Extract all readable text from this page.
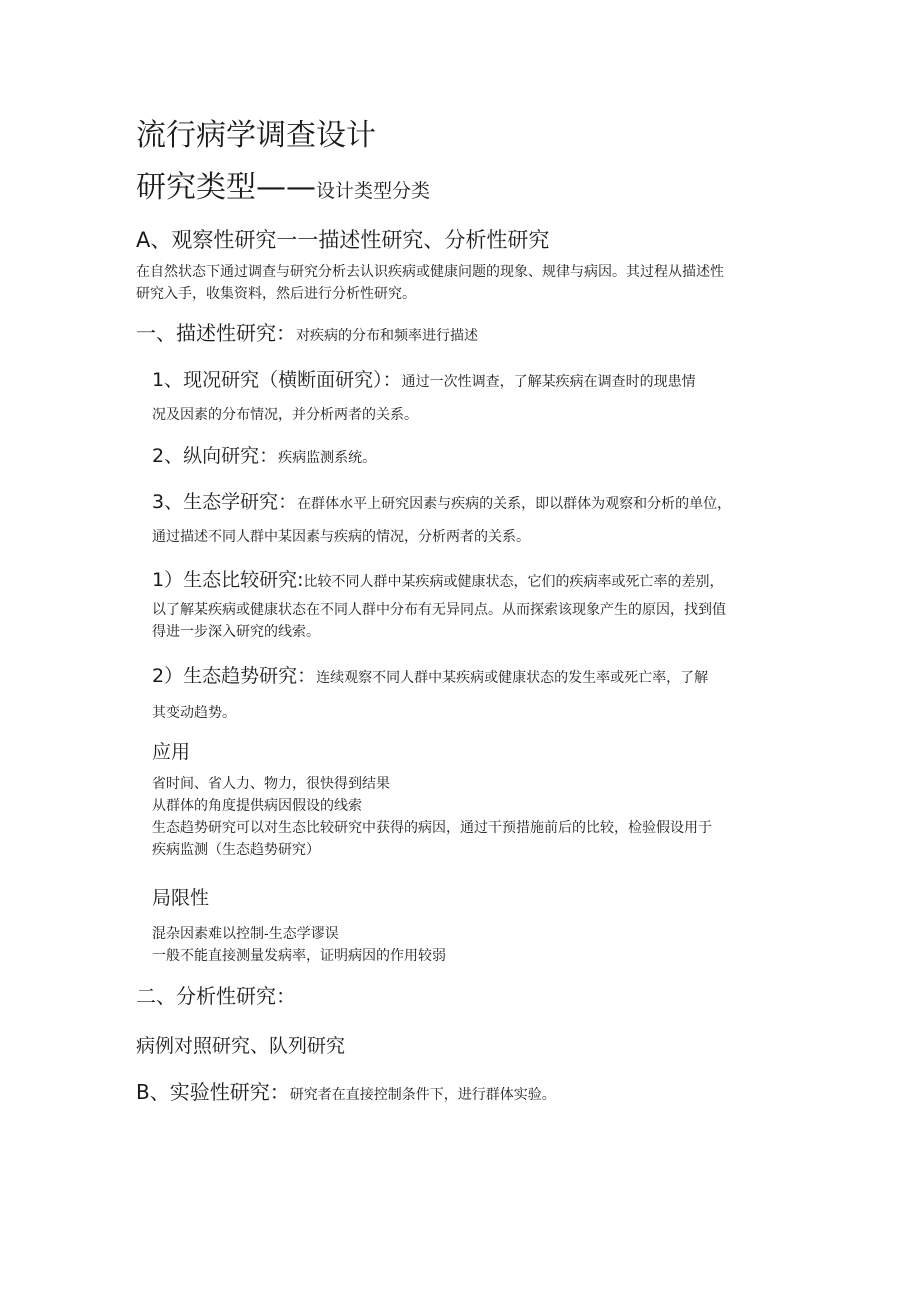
流行病学调查设计
研究类型——设计类型分类
A、观察性研究一一描述性研究、分析性研究
在自然状态下通过调查与研究分析去认识疾病或健康问题的现象、规律与病因。其过程从描述性
研究入手，收集资料，然后进行分析性研究。
一、描述性研究：对疾病的分布和频率进行描述
1、现况研究（横断面研究）：通过一次性调查，了解某疾病在调查时的现患情
况及因素的分布情况，并分析两者的关系。
2、纵向研究：疾病监测系统。
3、生态学研究：在群体水平上研究因素与疾病的关系，即以群体为观察和分析的单位，
通过描述不同人群中某因素与疾病的情况，分析两者的关系。
1）生态比较研究:比较不同人群中某疾病或健康状态，它们的疾病率或死亡率的差别，
以了解某疾病或健康状态在不同人群中分布有无异同点。从而探索该现象产生的原因，找到值
得进一步深入研究的线索。
2）生态趋势研究：连续观察不同人群中某疾病或健康状态的发生率或死亡率，了解
其变动趋势。
应用
省时间、省人力、物力，很快得到结果
从群体的角度提供病因假设的线索
生态趋势研究可以对生态比较研究中获得的病因，通过干预措施前后的比较，检验假设用于
疾病监测（生态趋势研究）
局限性
混杂因素难以控制-生态学谬误
一般不能直接测量发病率，证明病因的作用较弱
二、分析性研究：
病例对照研究、队列研究
B、实验性研究：研究者在直接控制条件下，进行群体实验。
